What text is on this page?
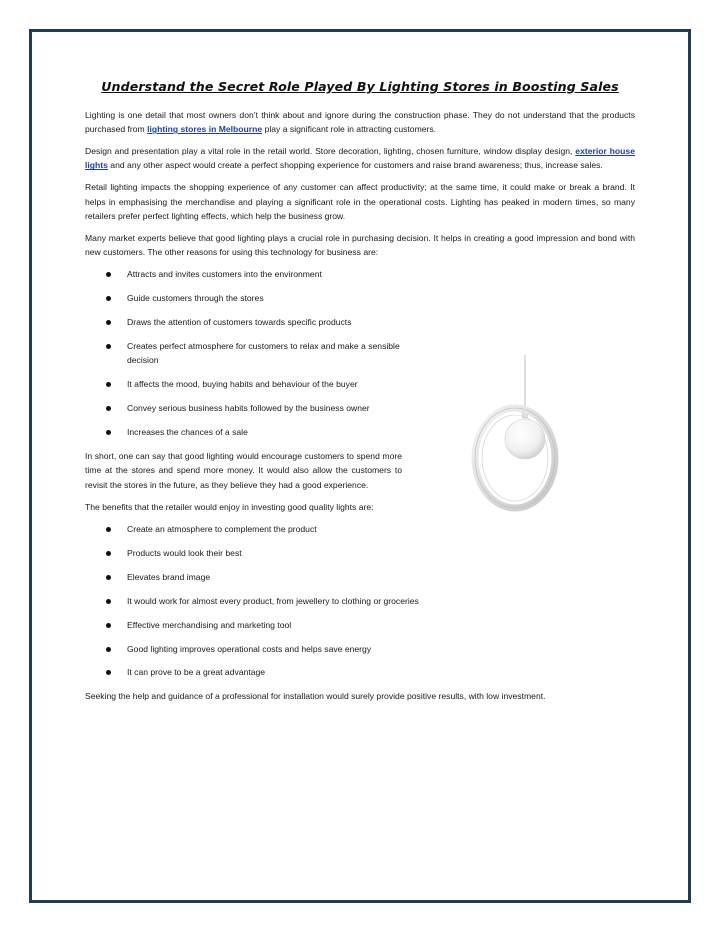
Understand the Secret Role Played By Lighting Stores in Boosting Sales

Lighting is one detail that most owners don’t think about and ignore during the construction phase. They do not understand that the products purchased from lighting stores in Melbourne play a significant role in attracting customers.

Design and presentation play a vital role in the retail world. Store decoration, lighting, chosen furniture, window display design, exterior house lights and any other aspect would create a perfect shopping experience for customers and raise brand awareness; thus, increase sales.

Retail lighting impacts the shopping experience of any customer can affect productivity; at the same time, it could make or break a brand. It helps in emphasising the merchandise and playing a significant role in the operational costs. Lighting has peaked in modern times, so many retailers prefer perfect lighting effects, which help the business grow.

Many market experts believe that good lighting plays a crucial role in purchasing decision. It helps in creating a good impression and bond with new customers. The other reasons for using this technology for business are:

Attracts and invites customers into the environment
Guide customers through the stores
Draws the attention of customers towards specific products
Creates perfect atmosphere for customers to relax and make a sensible decision
It affects the mood, buying habits and behaviour of the buyer
Convey serious business habits followed by the business owner
Increases the chances of a sale

In short, one can say that good lighting would encourage customers to spend more time at the stores and spend more money. It would also allow the customers to revisit the stores in the future, as they believe they had a good experience.

The benefits that the retailer would enjoy in investing good quality lights are:

Create an atmosphere to complement the product
Products would look their best
Elevates brand image
It would work for almost every product, from jewellery to clothing or groceries
Effective merchandising and marketing tool
Good lighting improves operational costs and helps save energy
It can prove to be a great advantage

Seeking the help and guidance of a professional for installation would surely provide positive results, with low investment.
